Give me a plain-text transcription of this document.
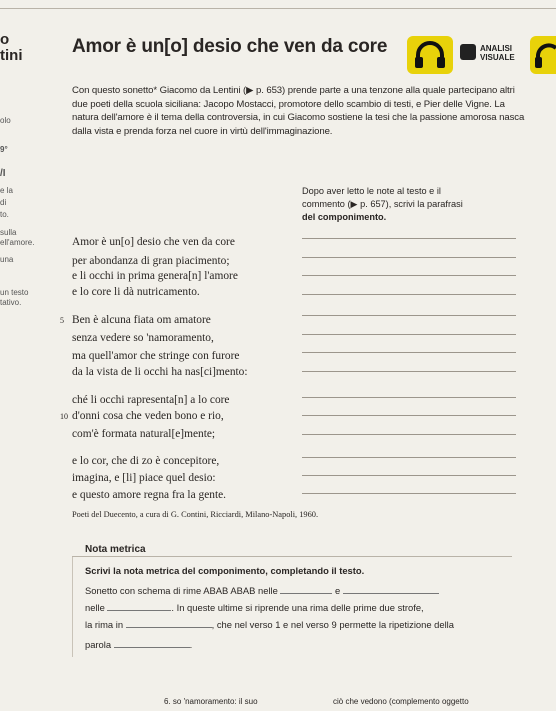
o
tini
olo
9°
/I
e la
di
to.
sulla
ell'amore.
una
un testo
tativo.
Amor è un[o] desio che ven da core	ANALISI
VISUALE
Con questo sonetto* Giacomo da Lentini (▶ p. 653) prende parte a una tenzone alla quale partecipano altri due poeti della scuola siciliana: Jacopo Mostacci, promotore dello scambio di testi, e Pier delle Vigne. La natura dell'amore è il tema della controversia, in cui Giacomo sostiene la tesi che la passione amorosa nasca dalla vista e prenda forza nel cuore in virtù dell'immaginazione.
Dopo aver letto le note al testo e il
commento (▶ p. 657), scrivi la parafrasi
del componimento.
Amor è un[o] desio che ven da core
per abondanza di gran piacimento;
e li occhi in prima genera[n] l'amore
e lo core li dà nutricamento.
5 Ben è alcuna fiata om amatore
senza vedere so 'namoramento,
ma quell'amor che stringe con furore
da la vista de li occhi ha nas[ci]mento:
ché li occhi rapresenta[n] a lo core
10 d'onni cosa che veden bono e rio,
com'è formata natural[e]mente;
e lo cor, che di zo è concepitore,
imagina, e [li] piace quel desio:
e questo amore regna fra la gente.
Poeti del Duecento, a cura di G. Contini, Ricciardi, Milano-Napoli, 1960.
Nota metrica
Scrivi la nota metrica del componimento, completando il testo.
Sonetto con schema di rime ABAB ABAB nelle	e
nelle	. In queste ultime si riprende una rima delle prime due strofe,
la rima in	, che nel verso 1 e nel verso 9 permette la ripetizione della
parola	.
6. so 'namoramento: il suo	ciò che vedono (complemento oggetto
